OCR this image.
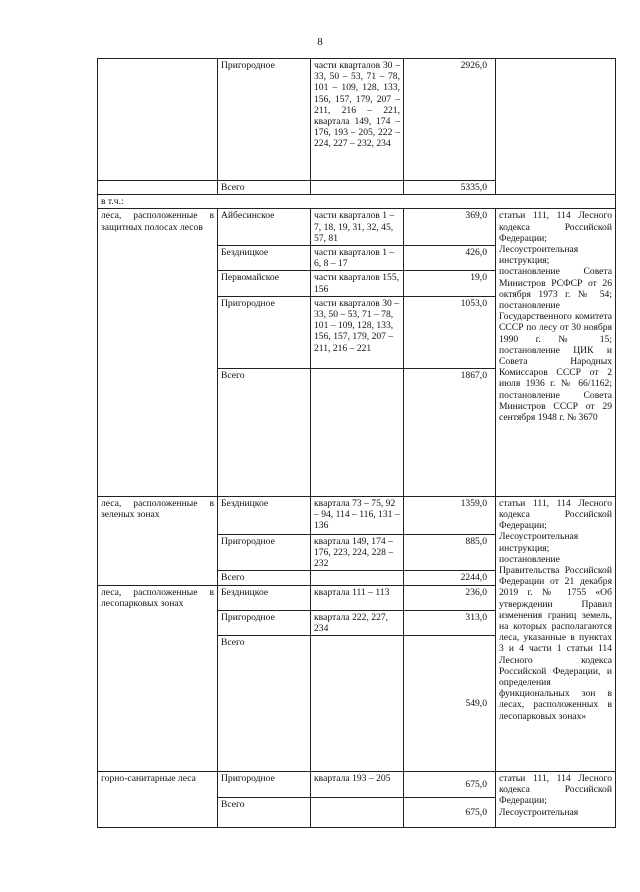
8
	Пригородное	части кварталов 30 – 33, 50 – 53, 71 – 78, 101 – 109, 128, 133, 156, 157, 179, 207 – 211, 216 – 221, квартала 149, 174 – 176, 193 – 205, 222 – 224, 227 – 232, 234	2926,0	
	Всего		5335,0	
в т.ч.:				
леса, расположенные в защитных полосах лесов	Айбесинское	части кварталов 1 – 7, 18, 19, 31, 32, 45, 57, 81	369,0	статьи 111, 114 Лесного кодекса Российской Федерации; Лесоустроительная инструкция; постановление Совета Министров РСФСР от 26 октября 1973 г. № 54; постановление Государственного комитета СССР по лесу от 30 ноября 1990 г. № 15; постановление ЦИК и Совета Народных Комиссаров СССР от 2 июля 1936 г. № 66/1162; постановление Совета Министров СССР от 29 сентября 1948 г. № 3670
	Бездницкое	части кварталов 1 – 6, 8 – 17	426,0	
	Первомайское	части кварталов 155, 156	19,0	
	Пригородное	части кварталов 30 – 33, 50 – 53, 71 – 78, 101 – 109, 128, 133, 156, 157, 179, 207 – 211, 216 – 221	1053,0	
	Всего		1867,0	
леса, расположенные в зеленых зонах	Бездницкое	квартала 73 – 75, 92 – 94, 114 – 116, 131 – 136	1359,0	статьи 111, 114 Лесного кодекса Российской Федерации; Лесоустроительная инструкция; постановление Правительства Российской Федерации от 21 декабря 2019 г. № 1755 «Об утверждении Правил изменения границ земель, на которых располагаются леса, указанные в пунктах 3 и 4 части 1 статьи 114 Лесного кодекса Российской Федерации, и определения функциональных зон в лесах, расположенных в лесопарковых зонах»
	Пригородное	квартала 149, 174 – 176, 223, 224, 228 – 232	885,0	
	Всего		2244,0	
леса, расположенные в лесопарковых зонах	Бездницкое	квартала 111 – 113	236,0	
	Пригородное	квартала 222, 227, 234	313,0	
	Всего		549,0	
горно-санитарные леса	Пригородное	квартала 193 – 205	675,0	статьи 111, 114 Лесного кодекса Российской Федерации; Лесоустроительная
	Всего		675,0	
